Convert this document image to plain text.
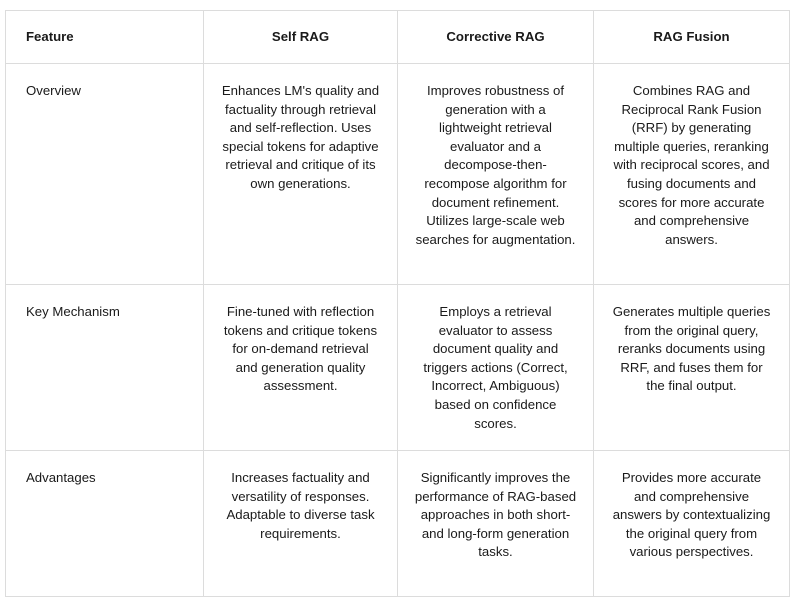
Feature	Self RAG	Corrective RAG	RAG Fusion
Overview	Enhances LM's quality and factuality through retrieval and self-reflection. Uses special tokens for adaptive retrieval and critique of its own generations.	Improves robustness of generation with a lightweight retrieval evaluator and a decompose-then-recompose algorithm for document refinement. Utilizes large-scale web searches for augmentation.	Combines RAG and Reciprocal Rank Fusion (RRF) by generating multiple queries, reranking with reciprocal scores, and fusing documents and scores for more accurate and comprehensive answers.
Key Mechanism	Fine-tuned with reflection tokens and critique tokens for on-demand retrieval and generation quality assessment.	Employs a retrieval evaluator to assess document quality and triggers actions (Correct, Incorrect, Ambiguous) based on confidence scores.	Generates multiple queries from the original query, reranks documents using RRF, and fuses them for the final output.
Advantages	Increases factuality and versatility of responses. Adaptable to diverse task requirements.	Significantly improves the performance of RAG-based approaches in both short- and long-form generation tasks.	Provides more accurate and comprehensive answers by contextualizing the original query from various perspectives.
